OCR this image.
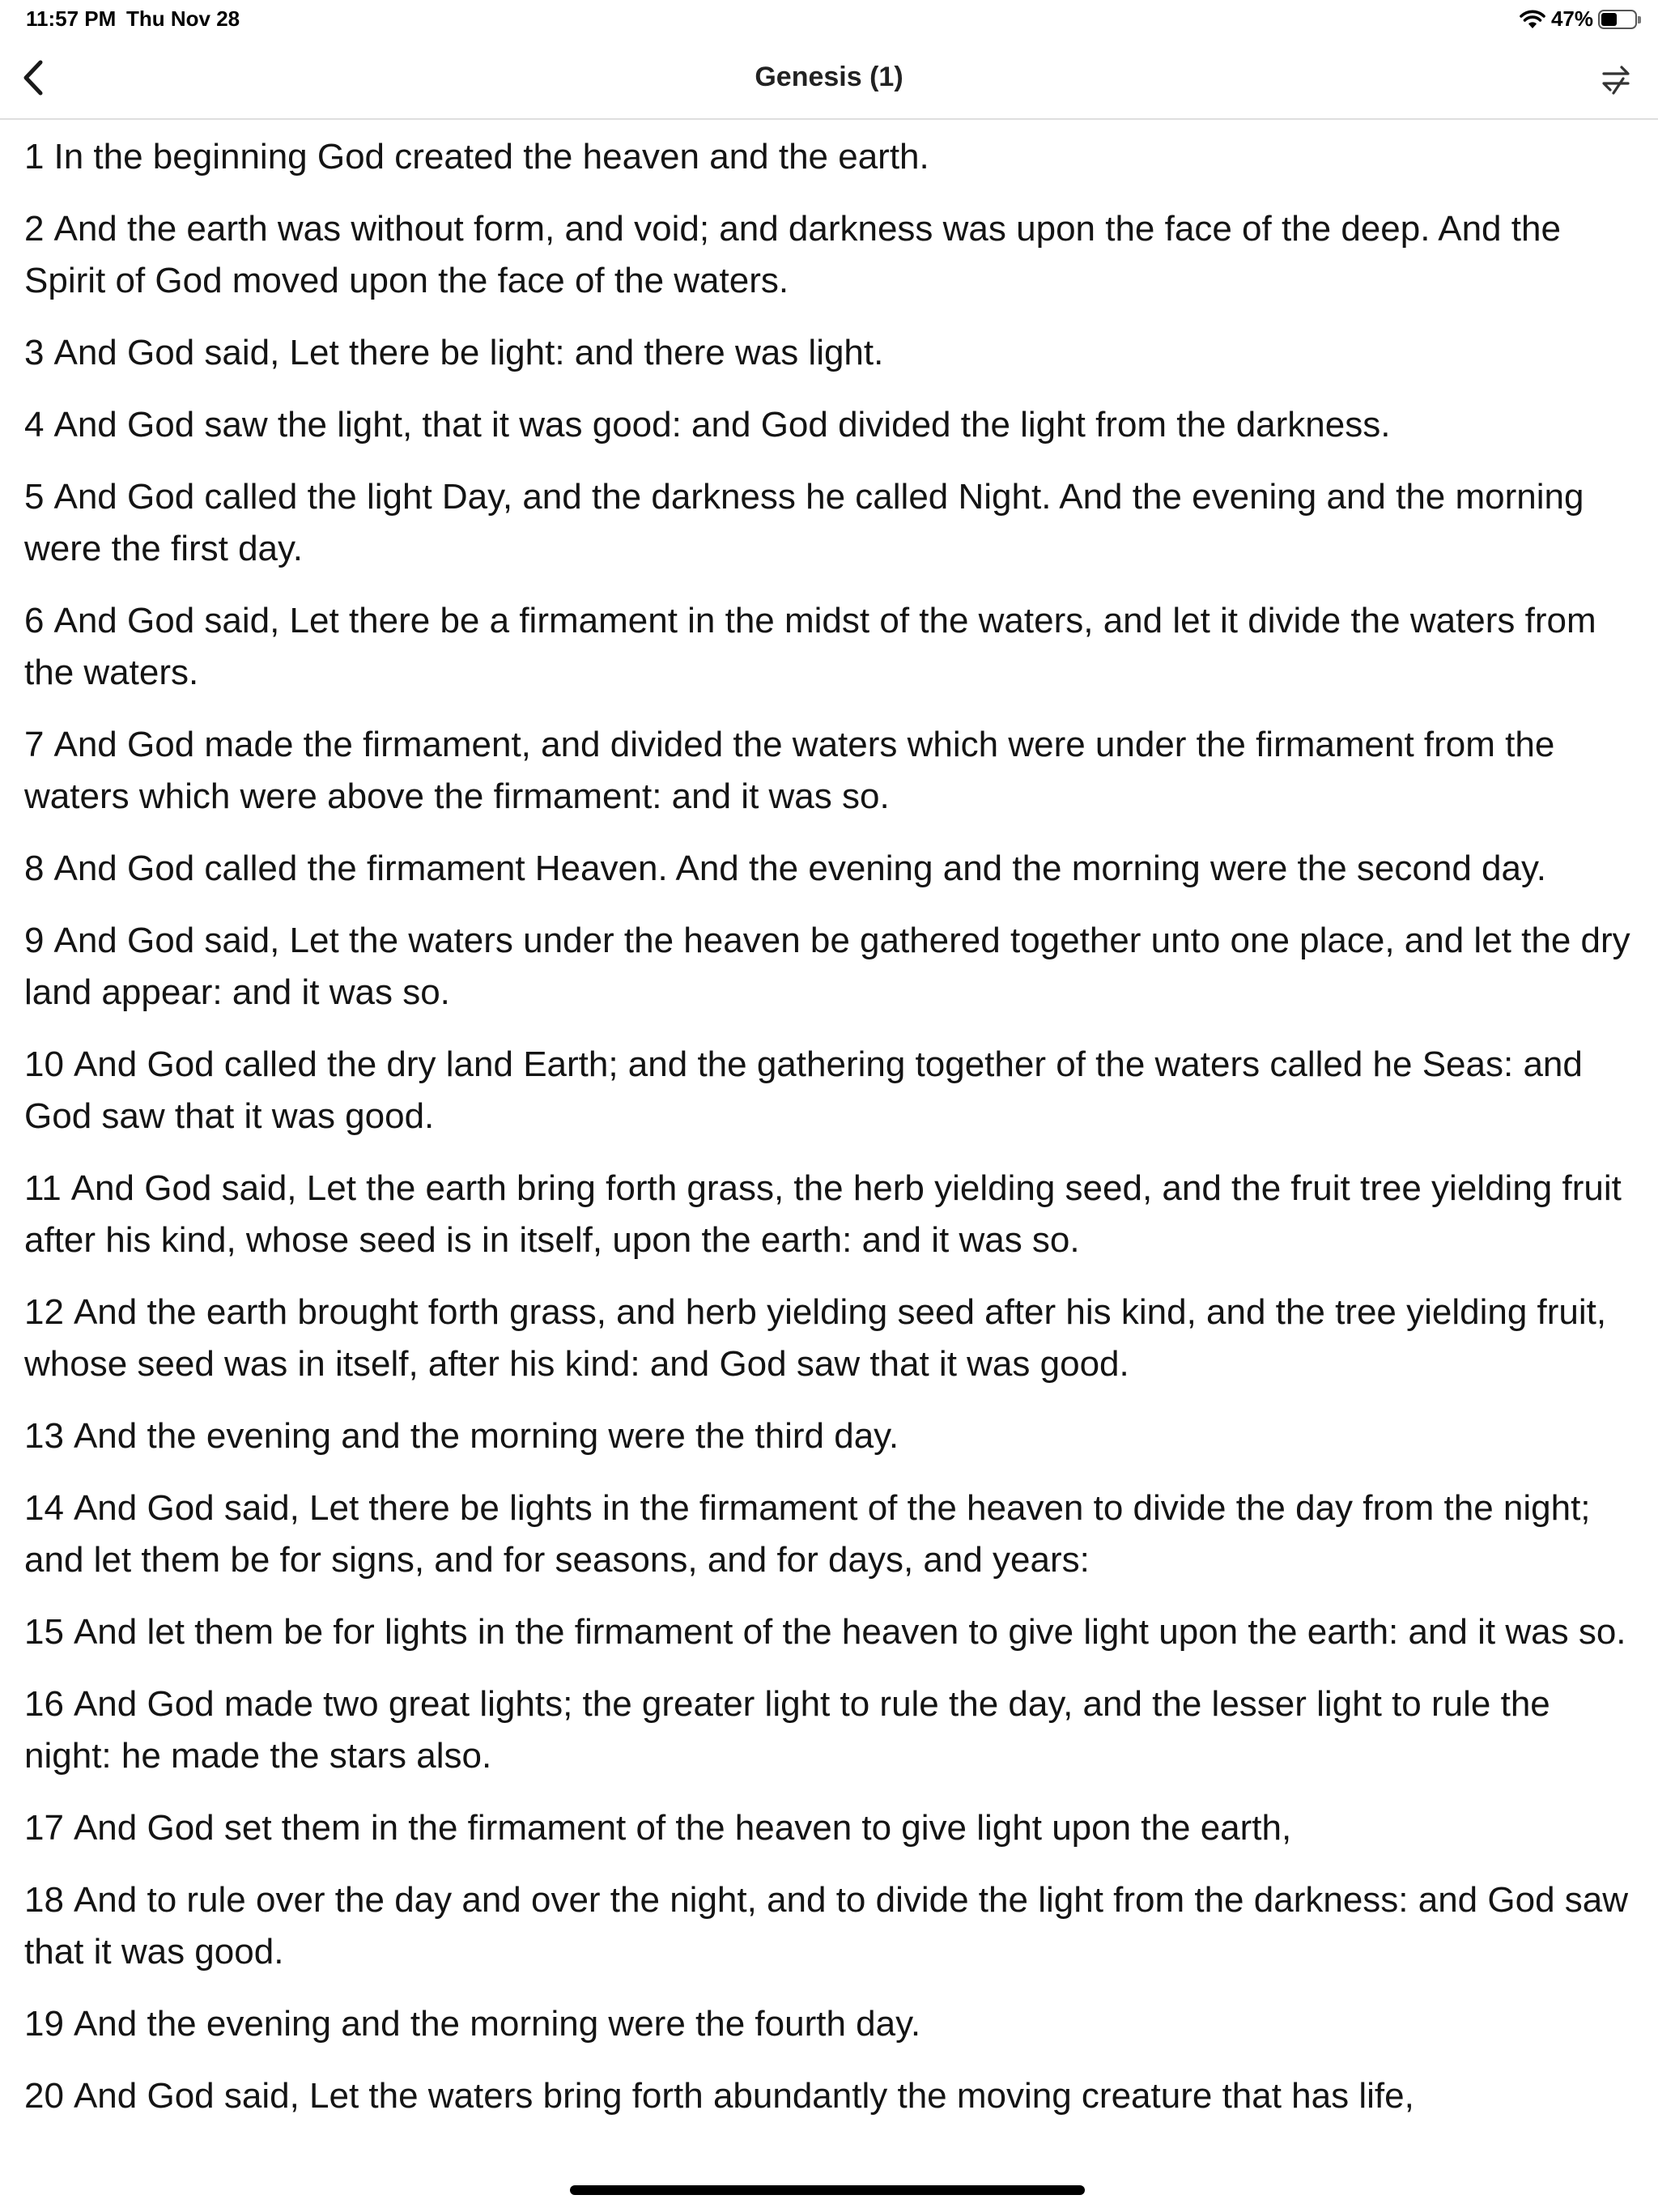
11:57 PM Thu Nov 28	47%
Genesis (1)
1 In the beginning God created the heaven and the earth.
2 And the earth was without form, and void; and darkness was upon the face of the deep. And the Spirit of God moved upon the face of the waters.
3 And God said, Let there be light: and there was light.
4 And God saw the light, that it was good: and God divided the light from the darkness.
5 And God called the light Day, and the darkness he called Night. And the evening and the morning were the first day.
6 And God said, Let there be a firmament in the midst of the waters, and let it divide the waters from the waters.
7 And God made the firmament, and divided the waters which were under the firmament from the waters which were above the firmament: and it was so.
8 And God called the firmament Heaven. And the evening and the morning were the second day.
9 And God said, Let the waters under the heaven be gathered together unto one place, and let the dry land appear: and it was so.
10 And God called the dry land Earth; and the gathering together of the waters called he Seas: and God saw that it was good.
11 And God said, Let the earth bring forth grass, the herb yielding seed, and the fruit tree yielding fruit after his kind, whose seed is in itself, upon the earth: and it was so.
12 And the earth brought forth grass, and herb yielding seed after his kind, and the tree yielding fruit, whose seed was in itself, after his kind: and God saw that it was good.
13 And the evening and the morning were the third day.
14 And God said, Let there be lights in the firmament of the heaven to divide the day from the night; and let them be for signs, and for seasons, and for days, and years:
15 And let them be for lights in the firmament of the heaven to give light upon the earth: and it was so.
16 And God made two great lights; the greater light to rule the day, and the lesser light to rule the night: he made the stars also.
17 And God set them in the firmament of the heaven to give light upon the earth,
18 And to rule over the day and over the night, and to divide the light from the darkness: and God saw that it was good.
19 And the evening and the morning were the fourth day.
20 And God said, Let the waters bring forth abundantly the moving creature that has life,
